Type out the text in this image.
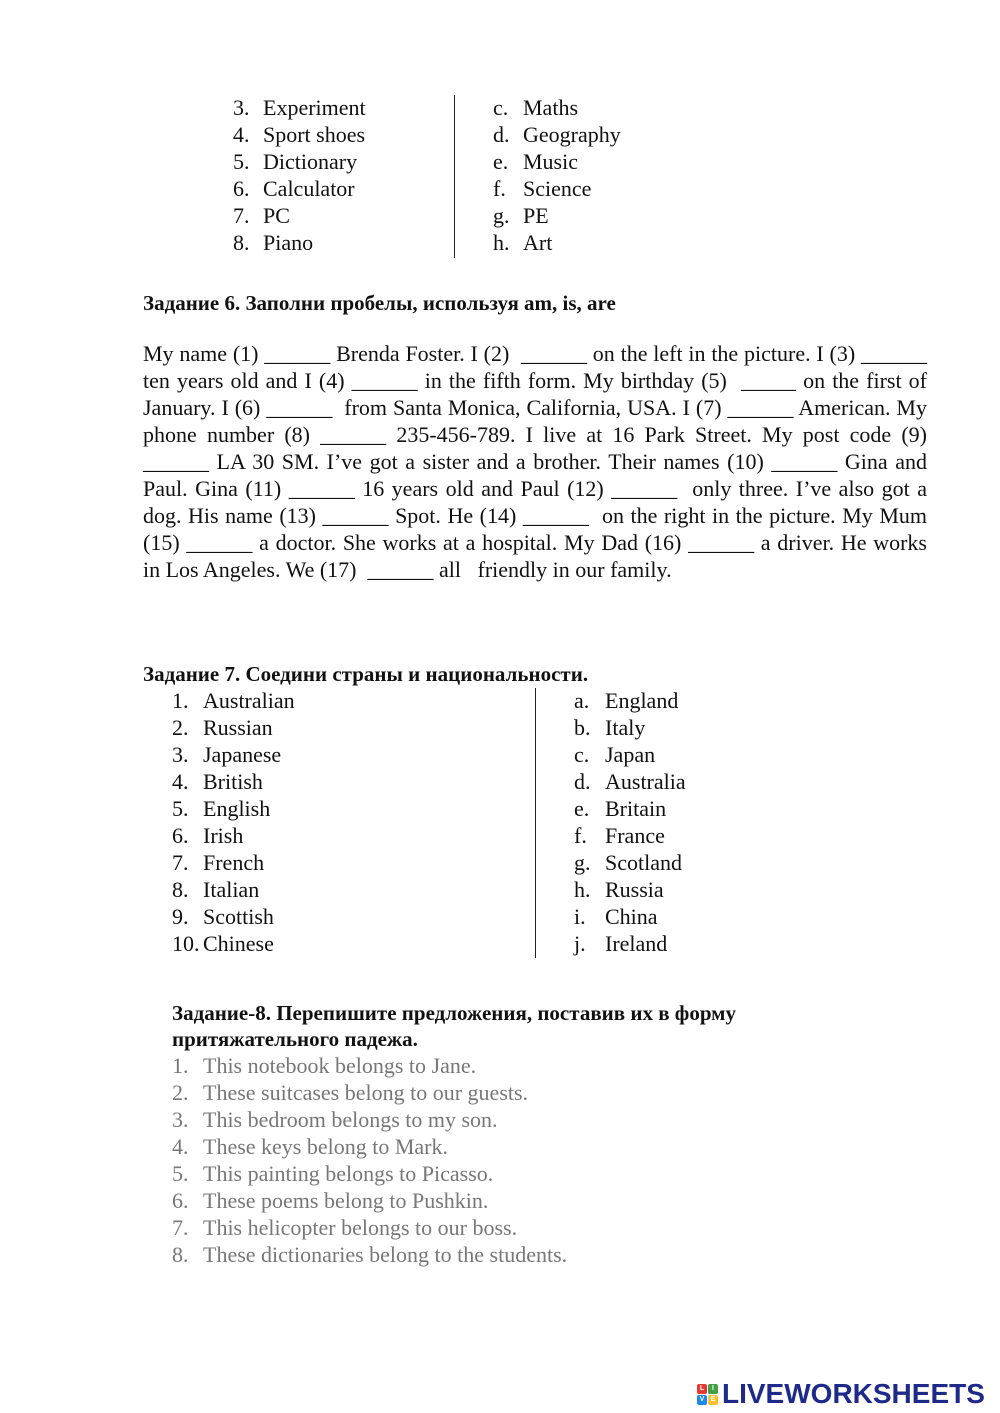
3. Experiment
4. Sport shoes
5. Dictionary
6. Calculator
7. PC
8. Piano
c. Maths
d. Geography
e. Music
f. Science
g. PE
h. Art
Задание 6. Заполни пробелы, используя am, is, are
My name (1) ______ Brenda Foster. I (2)  ______ on the left in the picture. I (3) ______  ten years old and I (4) ______ in the fifth form. My birthday (5)  _____ on the first of January. I (6) ______  from Santa Monica, California, USA. I (7) ______ American. My phone number (8) ______ 235-456-789. I live at 16 Park Street. My post code (9) ______ LA 30 SM. I’ve got a sister and a brother. Their names (10) ______ Gina and Paul. Gina (11) ______ 16 years old and Paul (12) ______  only three. I’ve also got a dog. His name (13) ______ Spot. He (14) ______  on the right in the picture. My Mum (15) ______ a doctor. She works at a hospital. My Dad (16) ______ a driver. He works in Los Angeles. We (17)  ______ all   friendly in our family.
Задание 7. Соедини страны и национальности.
1. Australian
2. Russian
3. Japanese
4. British
5. English
6. Irish
7. French
8. Italian
9. Scottish
10. Chinese
a. England
b. Italy
c. Japan
d. Australia
e. Britain
f. France
g. Scotland
h. Russia
i. China
j. Ireland
Задание-8. Перепишите предложения, поставив их в форму
притяжательного падежа.
1. This notebook belongs to Jane.
2. These suitcases belong to our guests.
3. This bedroom belongs to my son.
4. These keys belong to Mark.
5. This painting belongs to Picasso.
6. These poems belong to Pushkin.
7. This helicopter belongs to our boss.
8. These dictionaries belong to the students.
L	I
V E LIVEWORKSHEETS
